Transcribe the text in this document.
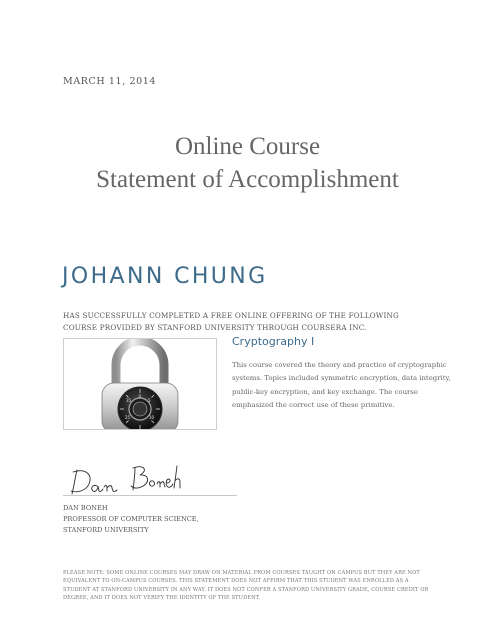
MARCH 11, 2014
Online Course
Statement of Accomplishment
JOHANN CHUNG
HAS SUCCESSFULLY COMPLETED A FREE ONLINE OFFERING OF THE FOLLOWING COURSE PROVIDED BY STANFORD UNIVERSITY THROUGH COURSERA INC.
0
5
35
25	10
Cryptography I
This course covered the theory and practice of cryptographic systems. Topics included symmetric encryption, data integrity, public-key encryption, and key exchange. The course emphasized the correct use of these primitive.
DAN BONEH
PROFESSOR OF COMPUTER SCIENCE,
STANFORD UNIVERSITY
PLEASE NOTE: SOME ONLINE COURSES MAY DRAW ON MATERIAL FROM COURSES TAUGHT ON CAMPUS BUT THEY ARE NOT EQUIVALENT TO ON-CAMPUS COURSES. THIS STATEMENT DOES NOT AFFIRM THAT THIS STUDENT WAS ENROLLED AS A STUDENT AT STANFORD UNIVERSITY IN ANY WAY. IT DOES NOT CONFER A STANFORD UNIVERSITY GRADE, COURSE CREDIT OR DEGREE, AND IT DOES NOT VERIFY THE IDENTITY OF THE STUDENT.
